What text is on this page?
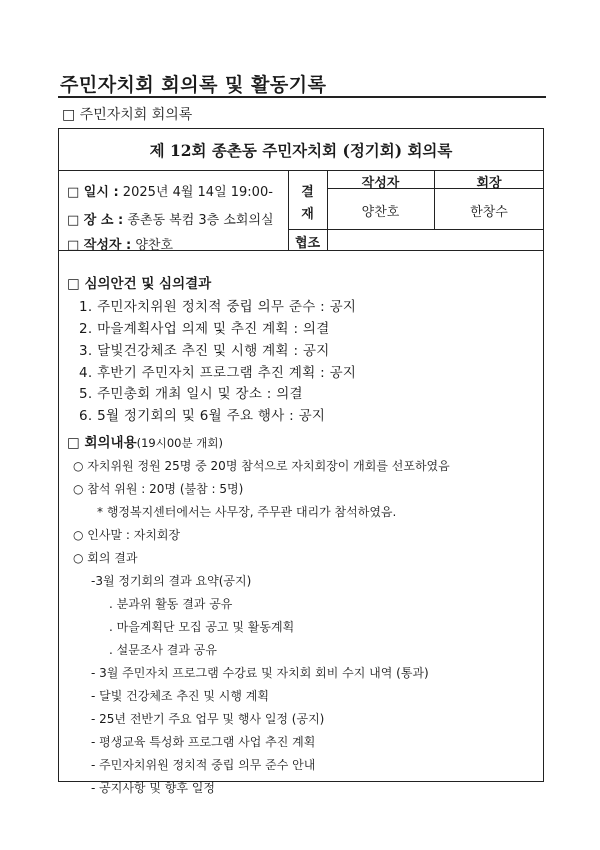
주민자치회 회의록 및 활동기록
□ 주민자치회 회의록
제 12회 종촌동 주민자치회 (정기회) 회의록
□ 일시 : 2025년 4월 14일 19:00-
□ 장 소 : 종촌동 복컴 3층 소회의실
□ 작성자 : 양찬호
결
재
작성자	회장
양찬호	한창수
협조
□ 심의안건 및 심의결과
1. 주민자치위원 정치적 중립 의무 준수 : 공지
2. 마을계획사업 의제 및 추진 계획 : 의결
3. 달빛건강체조 추진 및 시행 계획 : 공지
4. 후반기 주민자치 프로그램 추진 계획 : 공지
5. 주민총회 개최 일시 및 장소 : 의결
6. 5월 정기회의 및 6월 주요 행사 : 공지
□ 회의내용(19시00분 개회)
○ 자치위원 정원 25명 중 20명 참석으로 자치회장이 개회를 선포하였음
○ 참석 위원 : 20명 (불참 : 5명)
* 행정복지센터에서는 사무장, 주무관 대리가 참석하였음.
○ 인사말 : 자치회장
○ 회의 결과
-3월 정기회의 결과 요약(공지)
. 분과위 활동 결과 공유
. 마을계획단 모집 공고 및 활동계획
. 설문조사 결과 공유
- 3월 주민자치 프로그램 수강료 및 자치회 회비 수지 내역 (통과)
- 달빛 건강체조 추진 및 시행 계획
- 25년 전반기 주요 업무 및 행사 일정 (공지)
- 평생교육 특성화 프로그램 사업 추진 계획
- 주민자치위원 정치적 중립 의무 준수 안내
- 공지사항 및 향후 일정
